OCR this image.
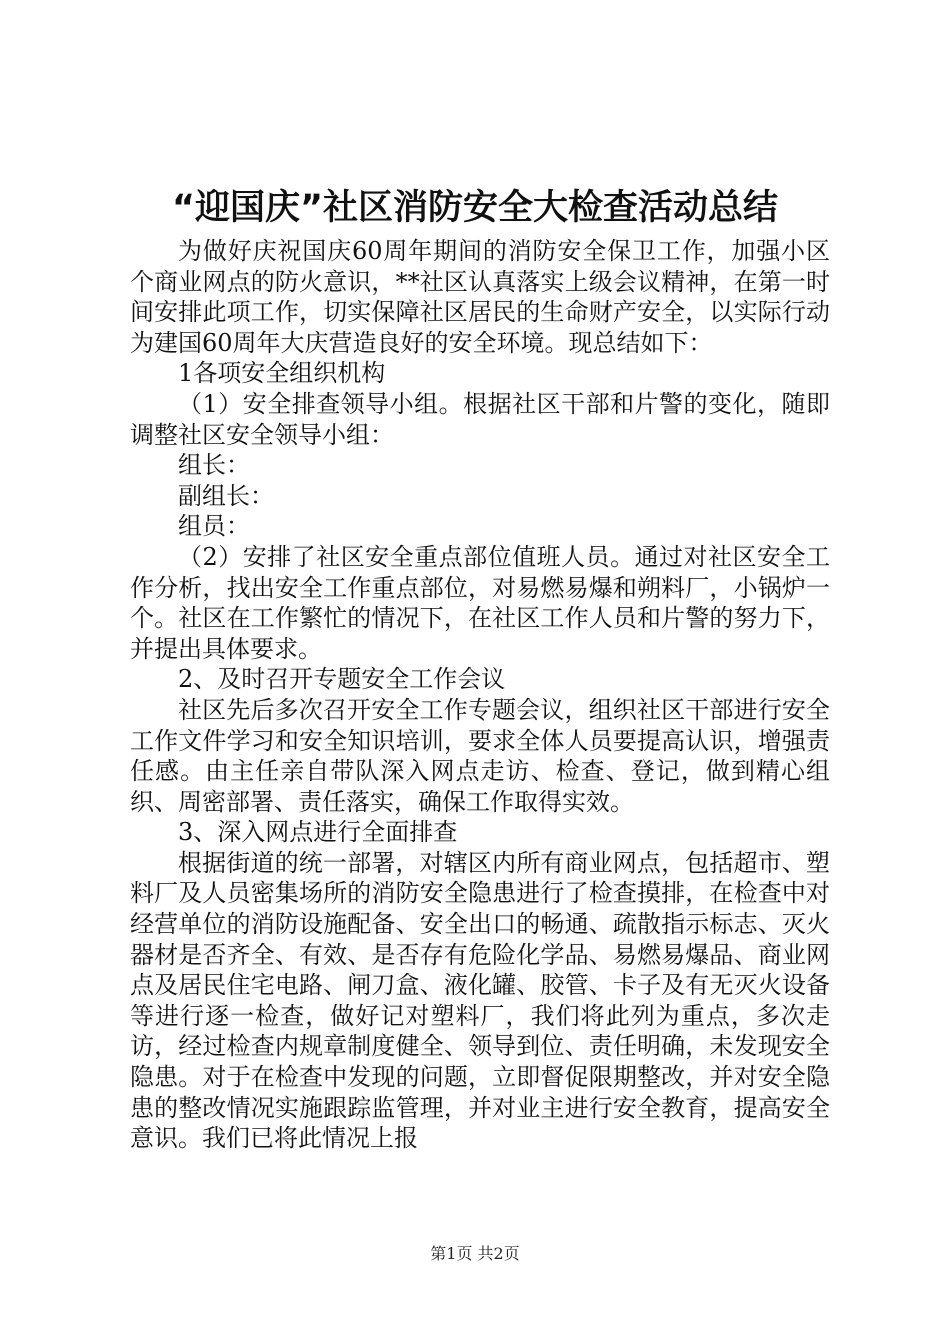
“迎国庆”社区消防安全大检查活动总结

为做好庆祝国庆60周年期间的消防安全保卫工作，加强小区个商业网点的防火意识，**社区认真落实上级会议精神，在第一时间安排此项工作，切实保障社区居民的生命财产安全，以实际行动为建国60周年大庆营造良好的安全环境。现总结如下：

1各项安全组织机构

（1）安全排查领导小组。根据社区干部和片警的变化，随即调整社区安全领导小组：

组长：

副组长：

组员：

（2）安排了社区安全重点部位值班人员。通过对社区安全工作分析，找出安全工作重点部位，对易燃易爆和朔料厂，小锅炉一个。社区在工作繁忙的情况下，在社区工作人员和片警的努力下，并提出具体要求。

2、及时召开专题安全工作会议

社区先后多次召开安全工作专题会议，组织社区干部进行安全工作文件学习和安全知识培训，要求全体人员要提高认识，增强责任感。由主任亲自带队深入网点走访、检查、登记，做到精心组织、周密部署、责任落实，确保工作取得实效。

3、深入网点进行全面排查

根据街道的统一部署，对辖区内所有商业网点，包括超市、塑料厂及人员密集场所的消防安全隐患进行了检查摸排，在检查中对经营单位的消防设施配备、安全出口的畅通、疏散指示标志、灭火器材是否齐全、有效、是否存有危险化学品、易燃易爆品、商业网点及居民住宅电路、闸刀盒、液化罐、胶管、卡子及有无灭火设备等进行逐一检查，做好记对塑料厂，我们将此列为重点，多次走访，经过检查内规章制度健全、领导到位、责任明确，未发现安全隐患。对于在检查中发现的问题，立即督促限期整改，并对安全隐患的整改情况实施跟踪监管理，并对业主进行安全教育，提高安全意识。我们已将此情况上报

第1页 共2页
